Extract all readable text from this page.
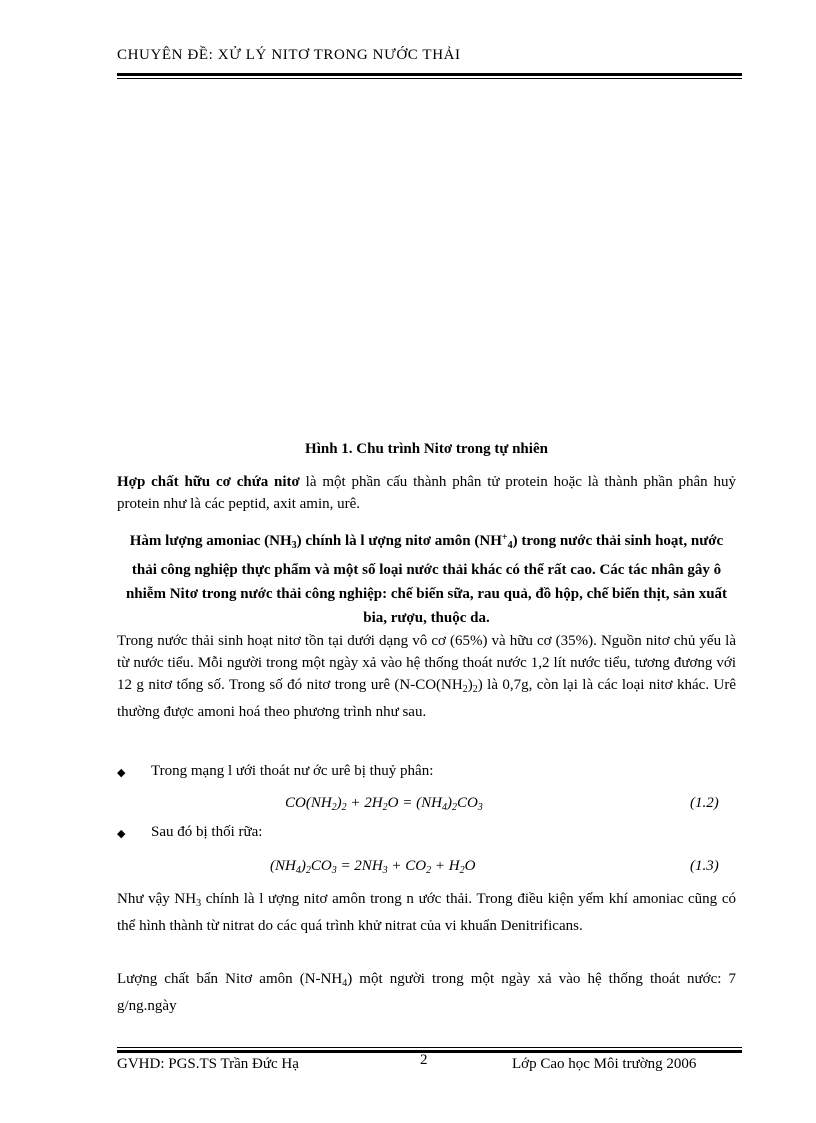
CHUYÊN ĐỀ: XỬ LÝ NITƠ TRONG NƯỚC THẢI
Hình 1. Chu trình Nitơ trong tự nhiên
Hợp chất hữu cơ chứa nitơ là một phần cấu thành phân tử protein hoặc là thành phần phân huỷ protein như là các peptid, axit amin, urê.
Hàm lượng amoniac $(NH_3)$ chính là l ượng nitơ amôn $(NH^+_4)$ trong nước thải sinh hoạt, nước thải công nghiệp thực phẩm và một số loại nước thải khác có thể rất cao. Các tác nhân gây ô nhiễm Nitơ trong nước thải công nghiệp: chế biến sữa, rau quả, đồ hộp, chế biến thịt, sản xuất bia, rượu, thuộc da.
Trong nước thải sinh hoạt nitơ tồn tại dưới dạng vô cơ (65%) và hữu cơ (35%). Nguồn nitơ chủ yếu là từ nước tiểu. Mỗi người trong một ngày xả vào hệ thống thoát nước 1,2 lít nước tiểu, tương đương với 12 g nitơ tổng số. Trong số đó nitơ trong urê $(N-CO(NH_2)_2)$ là 0,7g, còn lại là các loại nitơ khác. Urê thường được amoni hoá theo phương trình như sau.
◆ Trong mạng l ưới thoát nư ớc urê bị thuỷ phân:
$CO(NH_2)_2 + 2H_2O = (NH_4)_2CO_3$	(1.2)
◆ Sau đó bị thối rữa:
$(NH_4)_2CO_3 = 2NH_3 + CO_2 + H_2O$	(1.3)
Như vậy $NH_3$ chính là l ượng nitơ amôn trong n ước thải. Trong điều kiện yếm khí amoniac cũng có thể hình thành từ nitrat do các quá trình khử nitrat của vi khuẩn Denitrificans.
Lượng chất bẩn Nitơ amôn $(N-NH_4)$ một người trong một ngày xả vào hệ thống thoát nước: 7 g/ng.ngày
GVHD: PGS.TS Trần Đức Hạ	2	Lớp Cao học Môi trường 2006
